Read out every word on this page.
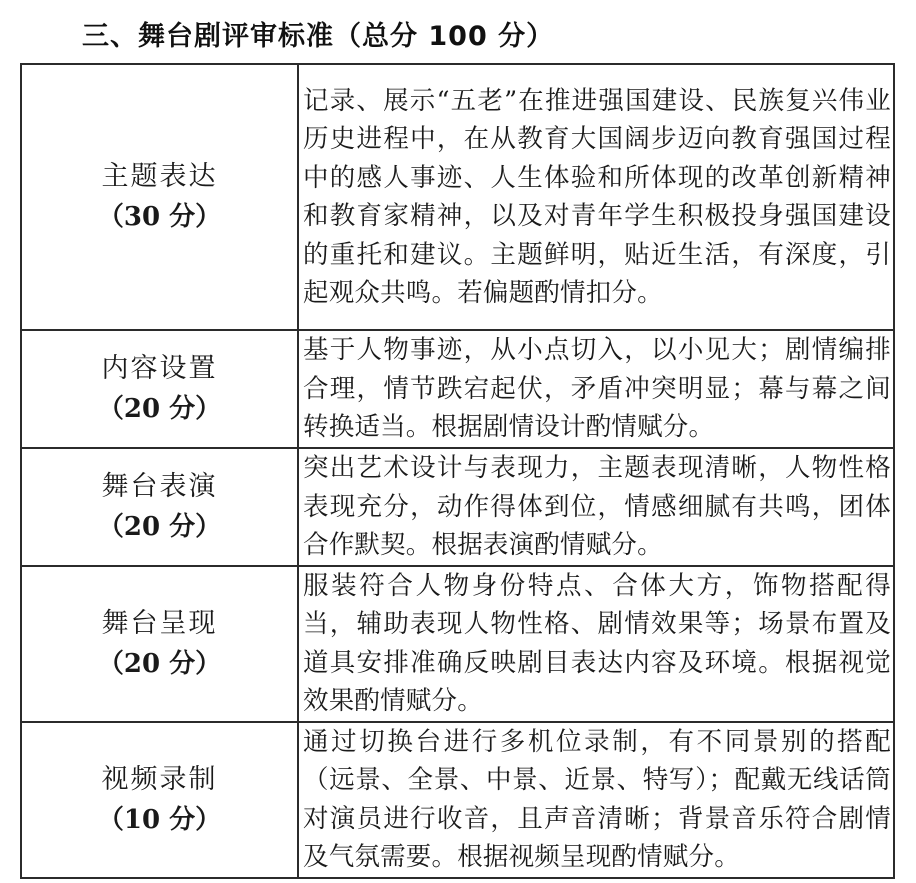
三、舞台剧评审标准（总分 100 分）
主题表达
（30 分）	记录、展示“五老”在推进强国建设、民族复兴伟业历史进程中，在从教育大国阔步迈向教育强国过程中的感人事迹、人生体验和所体现的改革创新精神和教育家精神，以及对青年学生积极投身强国建设的重托和建议。主题鲜明，贴近生活，有深度，引起观众共鸣。若偏题酌情扣分。

内容设置
（20 分）	基于人物事迹，从小点切入，以小见大；剧情编排合理，情节跌宕起伏，矛盾冲突明显；幕与幕之间转换适当。根据剧情设计酌情赋分。

舞台表演
（20 分）	突出艺术设计与表现力，主题表现清晰，人物性格表现充分，动作得体到位，情感细腻有共鸣，团体合作默契。根据表演酌情赋分。

舞台呈现
（20 分）	服装符合人物身份特点、合体大方，饰物搭配得当，辅助表现人物性格、剧情效果等；场景布置及道具安排准确反映剧目表达内容及环境。根据视觉效果酌情赋分。

视频录制
（10 分）	通过切换台进行多机位录制，有不同景别的搭配（远景、全景、中景、近景、特写）；配戴无线话筒对演员进行收音，且声音清晰；背景音乐符合剧情及气氛需要。根据视频呈现酌情赋分。
